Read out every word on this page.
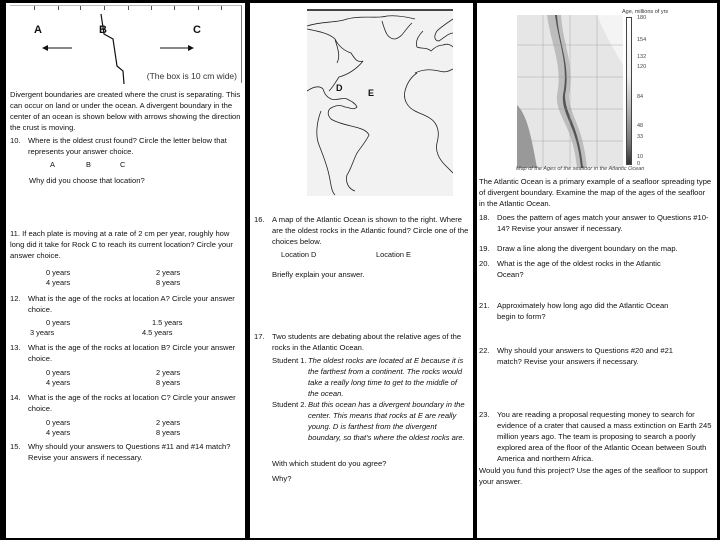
A	B	C
(The box is 10 cm wide)
Divergent boundaries are created where the crust is separating. This can occur on land or under the ocean. A divergent boundary in the center of an ocean is shown below with arrows showing the direction the crust is moving.
10. Where is the oldest crust found? Circle the letter below that represents your answer choice.
A	B	C
Why did you choose that location?
11. If each plate is moving at a rate of 2 cm per year, roughly how long did it take for Rock C to reach its current location? Circle your answer choice.
0 years	2 years
4 years	8 years
12. What is the age of the rocks at location A? Circle your answer choice.
0 years	1.5 years
3 years	4.5 years
13. What is the age of the rocks at location B? Circle your answer choice.
0 years	2 years
4 years	8 years
14. What is the age of the rocks at location C? Circle your answer choice.
0 years	2 years
4 years	8 years
15. Why should your answers to Questions #11 and #14 match? Revise your answers if necessary.
D	E
16. A map of the Atlantic Ocean is shown to the right. Where are the oldest rocks in the Atlantic found? Circle one of the choices below.
Location D	Location E
Briefly explain your answer.
17. Two students are debating about the relative ages of the rocks in the Atlantic Ocean.
Student 1. The oldest rocks are located at E because it is the farthest from a continent. The rocks would take a really long time to get to the middle of the ocean.
Student 2. But this ocean has a divergent boundary in the center. This means that rocks at E are really young. D is farthest from the divergent boundary, so that’s where the oldest rocks are.
With which student do you agree?
Why?
Age, millions of yrs
180
154
132
120
84
48
33
10
0
Map of the Ages of the seafloor in the Atlantic Ocean
The Atlantic Ocean is a primary example of a seafloor spreading type of divergent boundary. Examine the map of the ages of the seafloor in the Atlantic Ocean.
18. Does the pattern of ages match your answer to Questions #10-14? Revise your answer if necessary.
19. Draw a line along the divergent boundary on the map.
20. What is the age of the oldest rocks in the Atlantic Ocean?
21. Approximately how long ago did the Atlantic Ocean begin to form?
22. Why should your answers to Questions #20 and #21 match? Revise your answers if necessary.
23. You are reading a proposal requesting money to search for evidence of a crater that caused a mass extinction on Earth 245 million years ago. The team is proposing to search a poorly explored area of the floor of the Atlantic Ocean between South America and northern Africa.
Would you fund this project? Use the ages of the seafloor to support your answer.
